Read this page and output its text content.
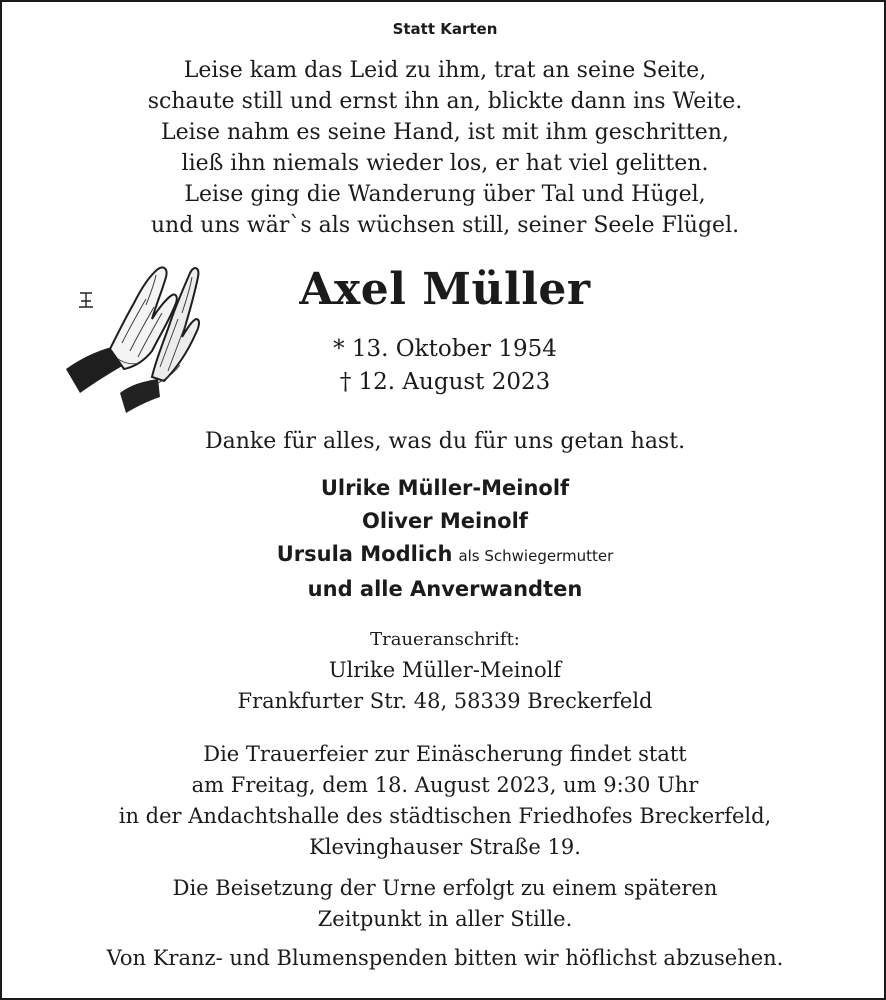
Statt Karten
Leise kam das Leid zu ihm, trat an seine Seite,
schaute still und ernst ihn an, blickte dann ins Weite.
Leise nahm es seine Hand, ist mit ihm geschritten,
ließ ihn niemals wieder los, er hat viel gelitten.
Leise ging die Wanderung über Tal und Hügel,
und uns wär`s als wüchsen still, seiner Seele Flügel.
Axel Müller
* 13. Oktober 1954
† 12. August 2023
Danke für alles, was du für uns getan hast.
Ulrike Müller-Meinolf
Oliver Meinolf
Ursula Modlich als Schwiegermutter
und alle Anverwandten
Traueranschrift:
Ulrike Müller-Meinolf
Frankfurter Str. 48, 58339 Breckerfeld
Die Trauerfeier zur Einäscherung findet statt
am Freitag, dem 18. August 2023, um 9:30 Uhr
in der Andachtshalle des städtischen Friedhofes Breckerfeld,
Klevinghauser Straße 19.
Die Beisetzung der Urne erfolgt zu einem späteren
Zeitpunkt in aller Stille.
Von Kranz- und Blumenspenden bitten wir höflichst abzusehen.
